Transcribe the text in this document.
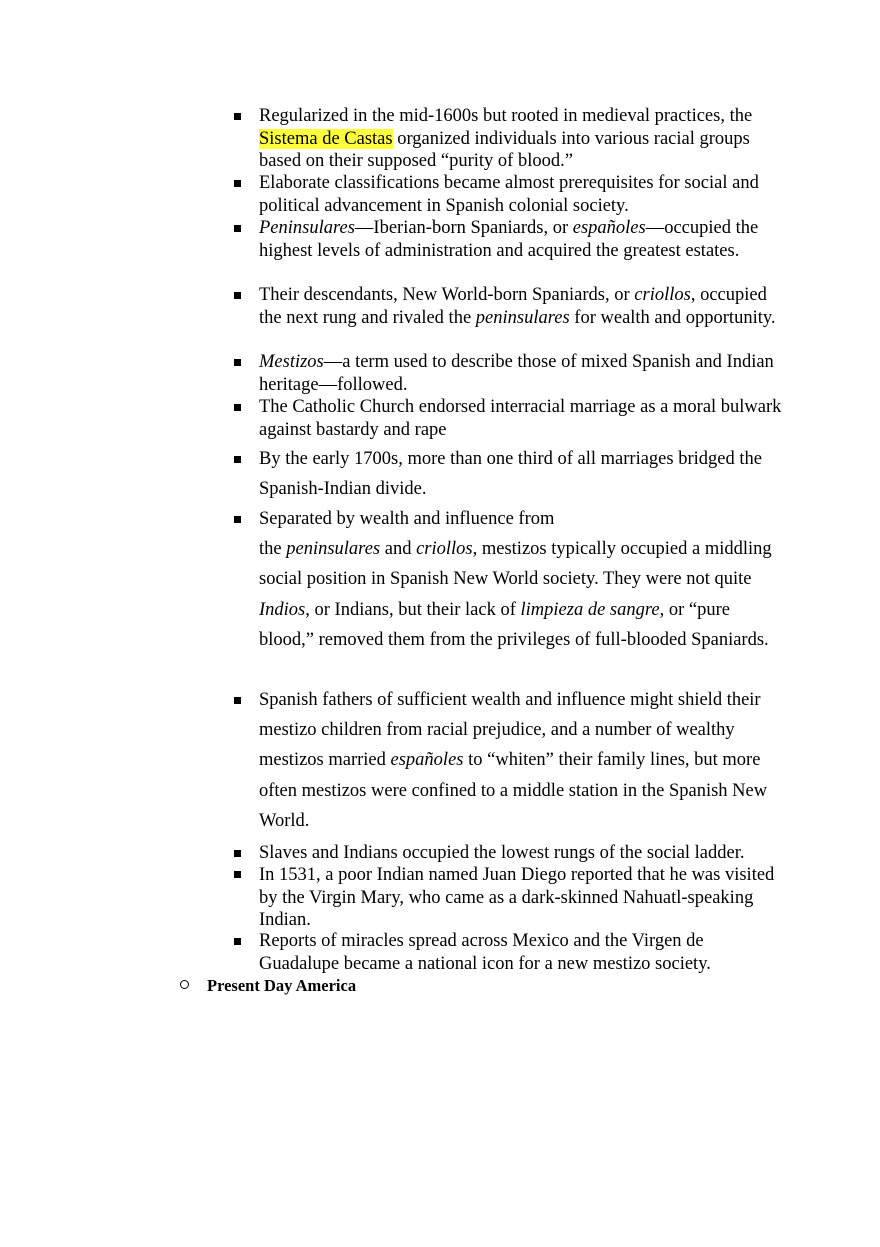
Regularized in the mid-1600s but rooted in medieval practices, the Sistema de Castas organized individuals into various racial groups based on their supposed “purity of blood.”
Elaborate classifications became almost prerequisites for social and political advancement in Spanish colonial society.
Peninsulares—Iberian-born Spaniards, or españoles—occupied the highest levels of administration and acquired the greatest estates.
Their descendants, New World-born Spaniards, or criollos, occupied the next rung and rivaled the peninsulares for wealth and opportunity.
Mestizos—a term used to describe those of mixed Spanish and Indian heritage—followed.
The Catholic Church endorsed interracial marriage as a moral bulwark against bastardy and rape
By the early 1700s, more than one third of all marriages bridged the Spanish-Indian divide.
Separated by wealth and influence from
the peninsulares and criollos, mestizos typically occupied a middling social position in Spanish New World society. They were not quite Indios, or Indians, but their lack of limpieza de sangre, or “pure blood,” removed them from the privileges of full-blooded Spaniards.
Spanish fathers of sufficient wealth and influence might shield their mestizo children from racial prejudice, and a number of wealthy mestizos married españoles to “whiten” their family lines, but more often mestizos were confined to a middle station in the Spanish New World.
Slaves and Indians occupied the lowest rungs of the social ladder.
In 1531, a poor Indian named Juan Diego reported that he was visited by the Virgin Mary, who came as a dark-skinned Nahuatl-speaking Indian.
Reports of miracles spread across Mexico and the Virgen de Guadalupe became a national icon for a new mestizo society.
Present Day America
